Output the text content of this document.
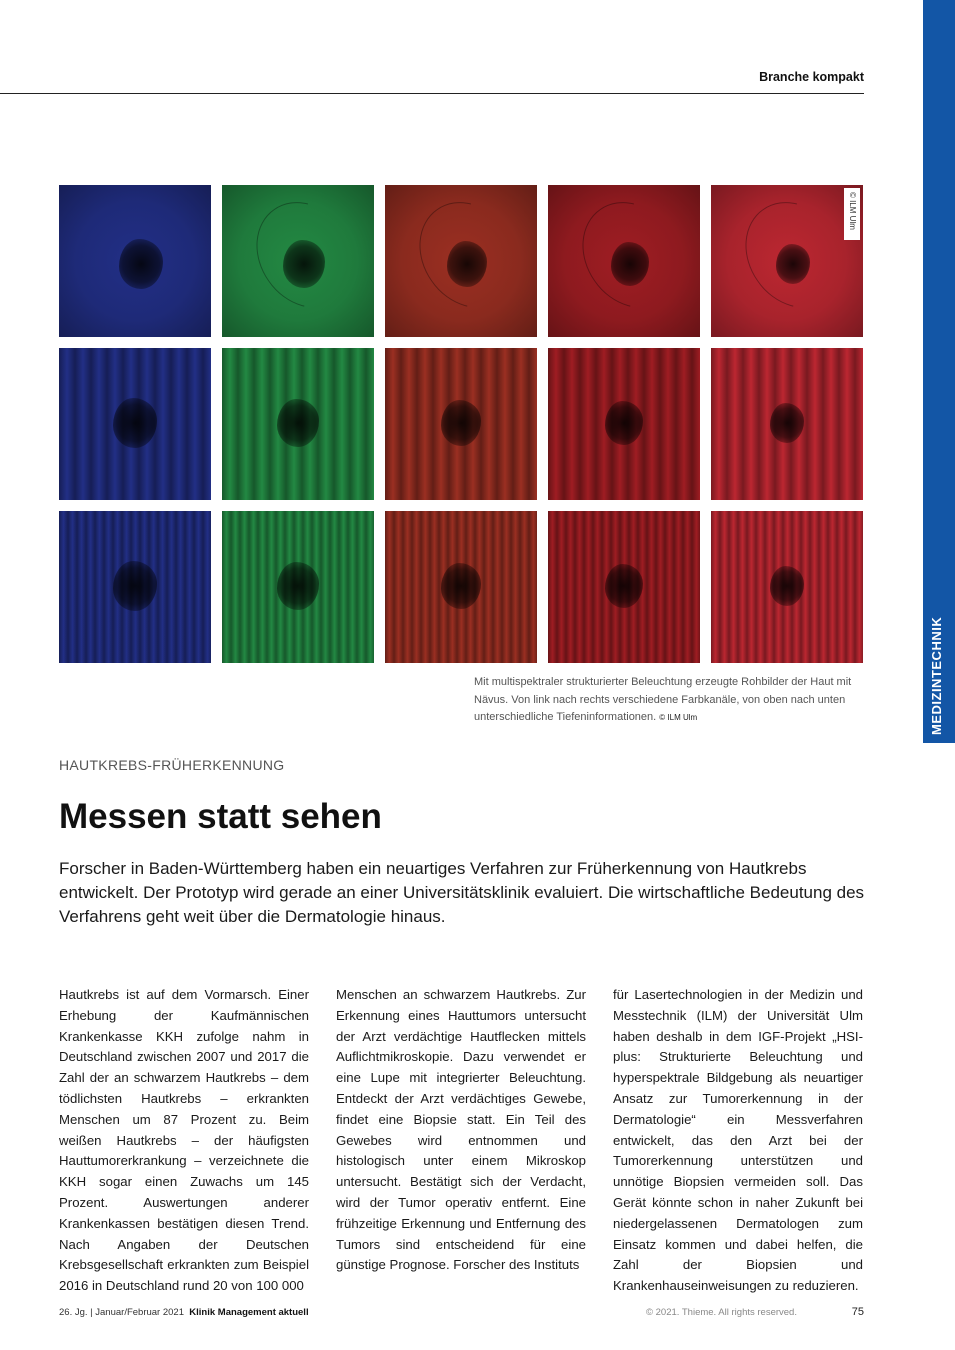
Branche kompakt
MEDIZINTECHNIK
© ILM Ulm
Mit multispektraler strukturierter Beleuchtung erzeugte Rohbilder der Haut mit Nävus. Von link nach rechts verschiedene Farbkanäle, von oben nach unten unterschiedliche Tiefeninformationen. © ILM Ulm
HAUTKREBS-FRÜHERKENNUNG
Messen statt sehen

Forscher in Baden-Württemberg haben ein neuartiges Verfahren zur Früherkennung von Hautkrebs entwickelt. Der Prototyp wird gerade an einer Universitätsklinik evaluiert. Die wirtschaftliche Bedeutung des Verfahrens geht weit über die Dermatologie hinaus.

Hautkrebs ist auf dem Vormarsch. Einer Erhebung der Kaufmännischen Krankenkasse KKH zufolge nahm in Deutschland zwischen 2007 und 2017 die Zahl der an schwarzem Hautkrebs – dem tödlichsten Hautkrebs – erkrankten Menschen um 87 Prozent zu. Beim weißen Hautkrebs – der häufigsten Hauttumorerkrankung – verzeichnete die KKH sogar einen Zuwachs um 145 Prozent. Auswertungen anderer Krankenkassen bestätigen diesen Trend. Nach Angaben der Deutschen Krebsgesellschaft erkrankten zum Beispiel 2016 in Deutschland rund 20 von 100 000

Menschen an schwarzem Hautkrebs. Zur Erkennung eines Hauttumors untersucht der Arzt verdächtige Hautflecken mittels Auflichtmikroskopie. Dazu verwendet er eine Lupe mit integrierter Beleuchtung. Entdeckt der Arzt verdächtiges Gewebe, findet eine Biopsie statt. Ein Teil des Gewebes wird entnommen und histologisch unter einem Mikroskop untersucht. Bestätigt sich der Verdacht, wird der Tumor operativ entfernt. Eine frühzeitige Erkennung und Entfernung des Tumors sind entscheidend für eine günstige Prognose. Forscher des Instituts

für Lasertechnologien in der Medizin und Messtechnik (ILM) der Universität Ulm haben deshalb in dem IGF-Projekt „HSI-plus: Strukturierte Beleuchtung und hyperspektrale Bildgebung als neuartiger Ansatz zur Tumorerkennung in der Dermatologie“ ein Messverfahren entwickelt, das den Arzt bei der Tumorerkennung unterstützen und unnötige Biopsien vermeiden soll. Das Gerät könnte schon in naher Zukunft bei niedergelassenen Dermatologen zum Einsatz kommen und dabei helfen, die Zahl der Biopsien und Krankenhauseinweisungen zu reduzieren.

26. Jg. | Januar/Februar 2021 Klinik Management aktuell	© 2021. Thieme. All rights reserved.	75
